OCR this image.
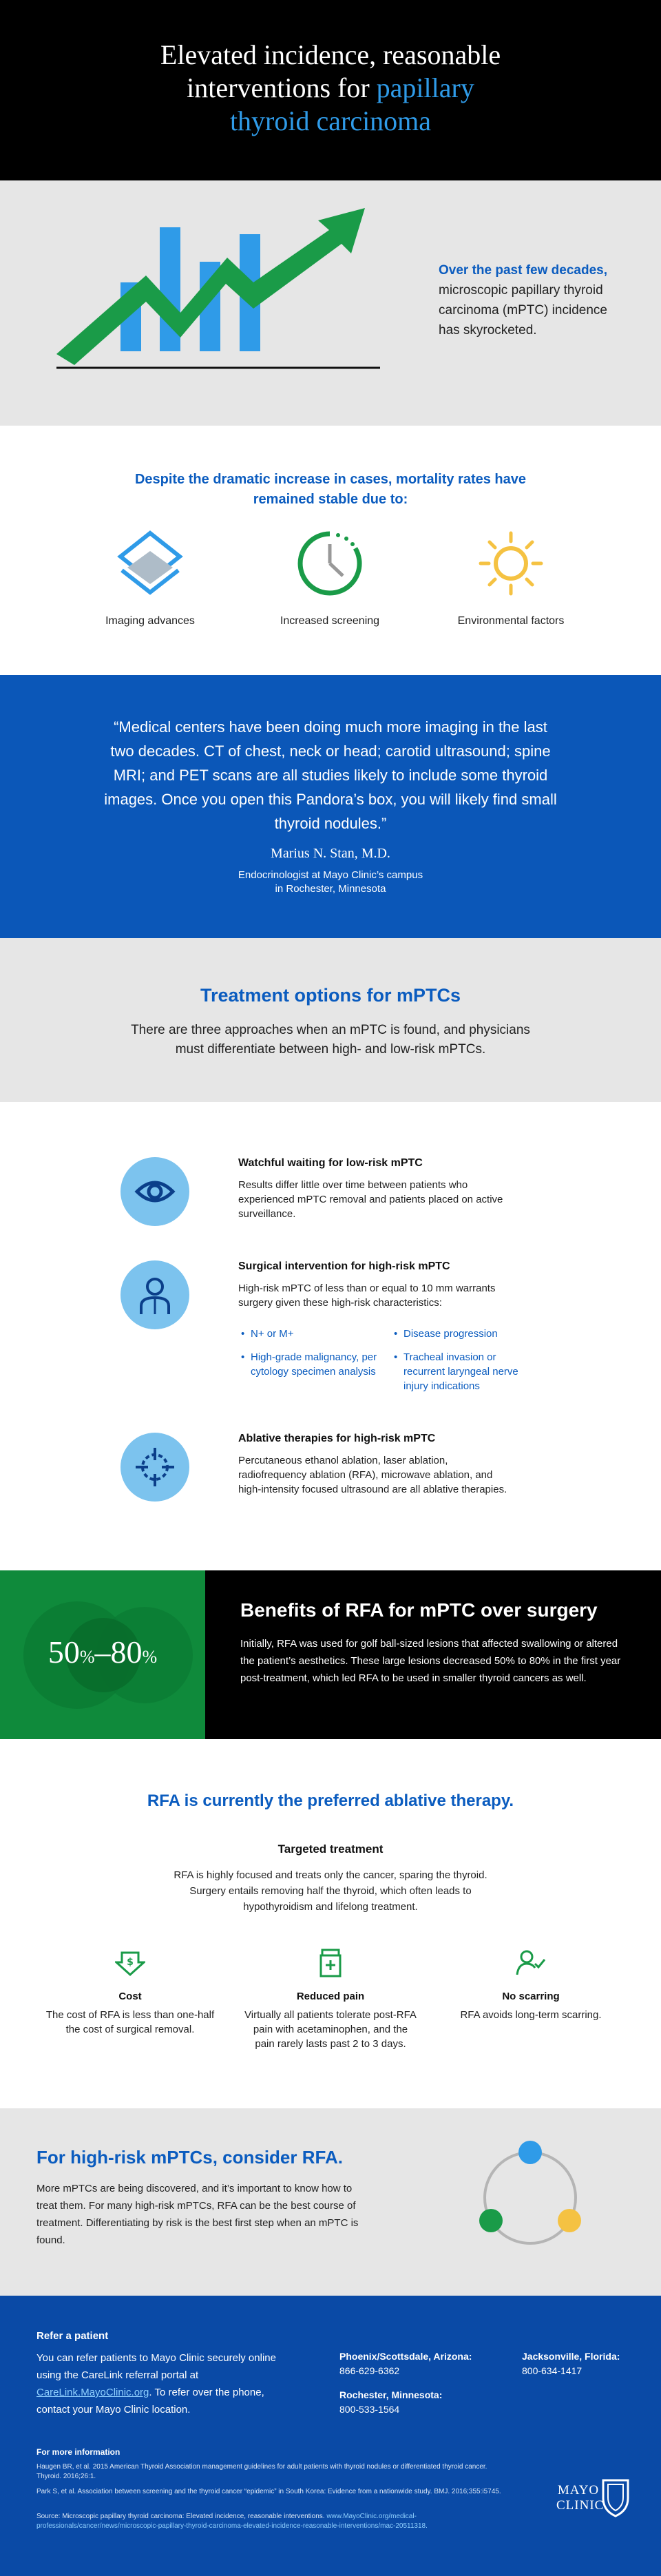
Elevated incidence, reasonable
interventions for papillary
thyroid carcinoma
Over the past few decades, microscopic papillary thyroid carcinoma (mPTC) incidence has skyrocketed.
Despite the dramatic increase in cases, mortality rates have remained stable due to:
Imaging advances	Increased screening	Environmental factors
“Medical centers have been doing much more imaging in the last two decades. CT of chest, neck or head; carotid ultrasound; spine MRI; and PET scans are all studies likely to include some thyroid images. Once you open this Pandora’s box, you will likely find small thyroid nodules.”
Marius N. Stan, M.D.
Endocrinologist at Mayo Clinic’s campus
in Rochester, Minnesota
Treatment options for mPTCs
There are three approaches when an mPTC is found, and physicians must differentiate between high- and low-risk mPTCs.
Watchful waiting for low-risk mPTC
Results differ little over time between patients who experienced mPTC removal and patients placed on active surveillance.
Surgical intervention for high-risk mPTC
High-risk mPTC of less than or equal to 10 mm warrants surgery given these high-risk characteristics:
• N+ or M+
•	Disease progression
• High-grade malignancy, per cytology specimen analysis
• Tracheal invasion or recurrent laryngeal nerve injury indications
Ablative therapies for high-risk mPTC
Percutaneous ethanol ablation, laser ablation, radiofrequency ablation (RFA), microwave ablation, and high-intensity focused ultrasound are all ablative therapies.
50%–80%
Benefits of RFA for mPTC over surgery
Initially, RFA was used for golf ball-sized lesions that affected swallowing or altered the patient’s aesthetics. These large lesions decreased 50% to 80% in the first year post-treatment, which led RFA to be used in smaller thyroid cancers as well.
RFA is currently the preferred ablative therapy.
Targeted treatment
RFA is highly focused and treats only the cancer, sparing the thyroid. Surgery entails removing half the thyroid, which often leads to hypothyroidism and lifelong treatment.
$
Cost
The cost of RFA is less than one-half the cost of surgical removal.
Reduced pain
Virtually all patients tolerate post-RFA pain with acetaminophen, and the pain rarely lasts past 2 to 3 days.
No scarring
RFA avoids long-term scarring.
For high-risk mPTCs, consider RFA.
More mPTCs are being discovered, and it’s important to know how to treat them. For many high-risk mPTCs, RFA can be the best course of treatment. Differentiating by risk is the best first step when an mPTC is found.
Refer a patient
You can refer patients to Mayo Clinic securely online using the CareLink referral portal at CareLink.MayoClinic.org. To refer over the phone, contact your Mayo Clinic location.
Phoenix/Scottsdale, Arizona:
866-629-6362
Jacksonville, Florida:
800-634-1417
Rochester, Minnesota:
800-533-1564
For more information
Haugen BR, et al. 2015 American Thyroid Association management guidelines for adult patients with thyroid nodules or differentiated thyroid cancer. Thyroid. 2016;26:1.
Park S, et al. Association between screening and the thyroid cancer “epidemic” in South Korea: Evidence from a nationwide study. BMJ. 2016;355:i5745.
Source: Microscopic papillary thyroid carcinoma: Elevated incidence, reasonable interventions. www.MayoClinic.org/medical-professionals/cancer/news/microscopic-papillary-thyroid-carcinoma-elevated-incidence-reasonable-interventions/mac-20511318.
MAYO
CLINIC
